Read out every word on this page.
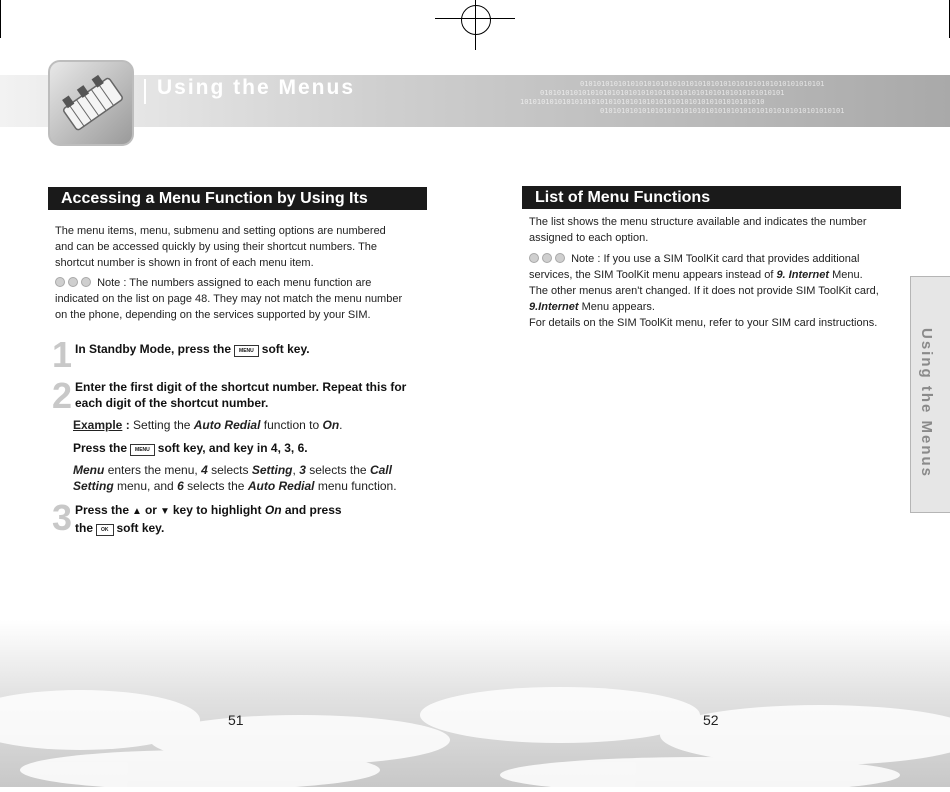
0101010101010101010101010101010101010101010101010101010101
0101010101010101010101010101010101010101010101010101010101
1010101010101010101010101010101010101010101010101010101010
0101010101010101010101010101010101010101010101010101010101
Using the Menus
Accessing a Menu Function by Using Its Shortcut
The menu items, menu, submenu and setting options are numbered
and can be accessed quickly by using their shortcut numbers. The
shortcut number is shown in front of each menu item.
Note : The numbers assigned to each menu function are
indicated on the list on page 48. They may not match the menu number
on the phone, depending on the services supported by your SIM.
1 In Standby Mode, press the MENU soft key.
2 Enter the first digit of the shortcut number. Repeat this for
each digit of the shortcut number.
Example : Setting the Auto Redial function to On.
Press the MENU soft key, and key in 4, 3, 6.
Menu enters the menu, 4 selects Setting, 3 selects the Call Setting menu, and 6 selects the Auto Redial menu function.
3 Press the ▲ or ▼ key to highlight On and press
the OK soft key.
List of Menu Functions
The list shows the menu structure available and indicates the number
assigned to each option.
Note : If you use a SIM ToolKit card that provides additional
services, the SIM ToolKit menu appears instead of 9. Internet Menu.
The other menus aren't changed. If it does not provide SIM ToolKit card,
9.Internet Menu appears.
For details on the SIM ToolKit menu, refer to your SIM card instructions.
Using the Menus
51	52
